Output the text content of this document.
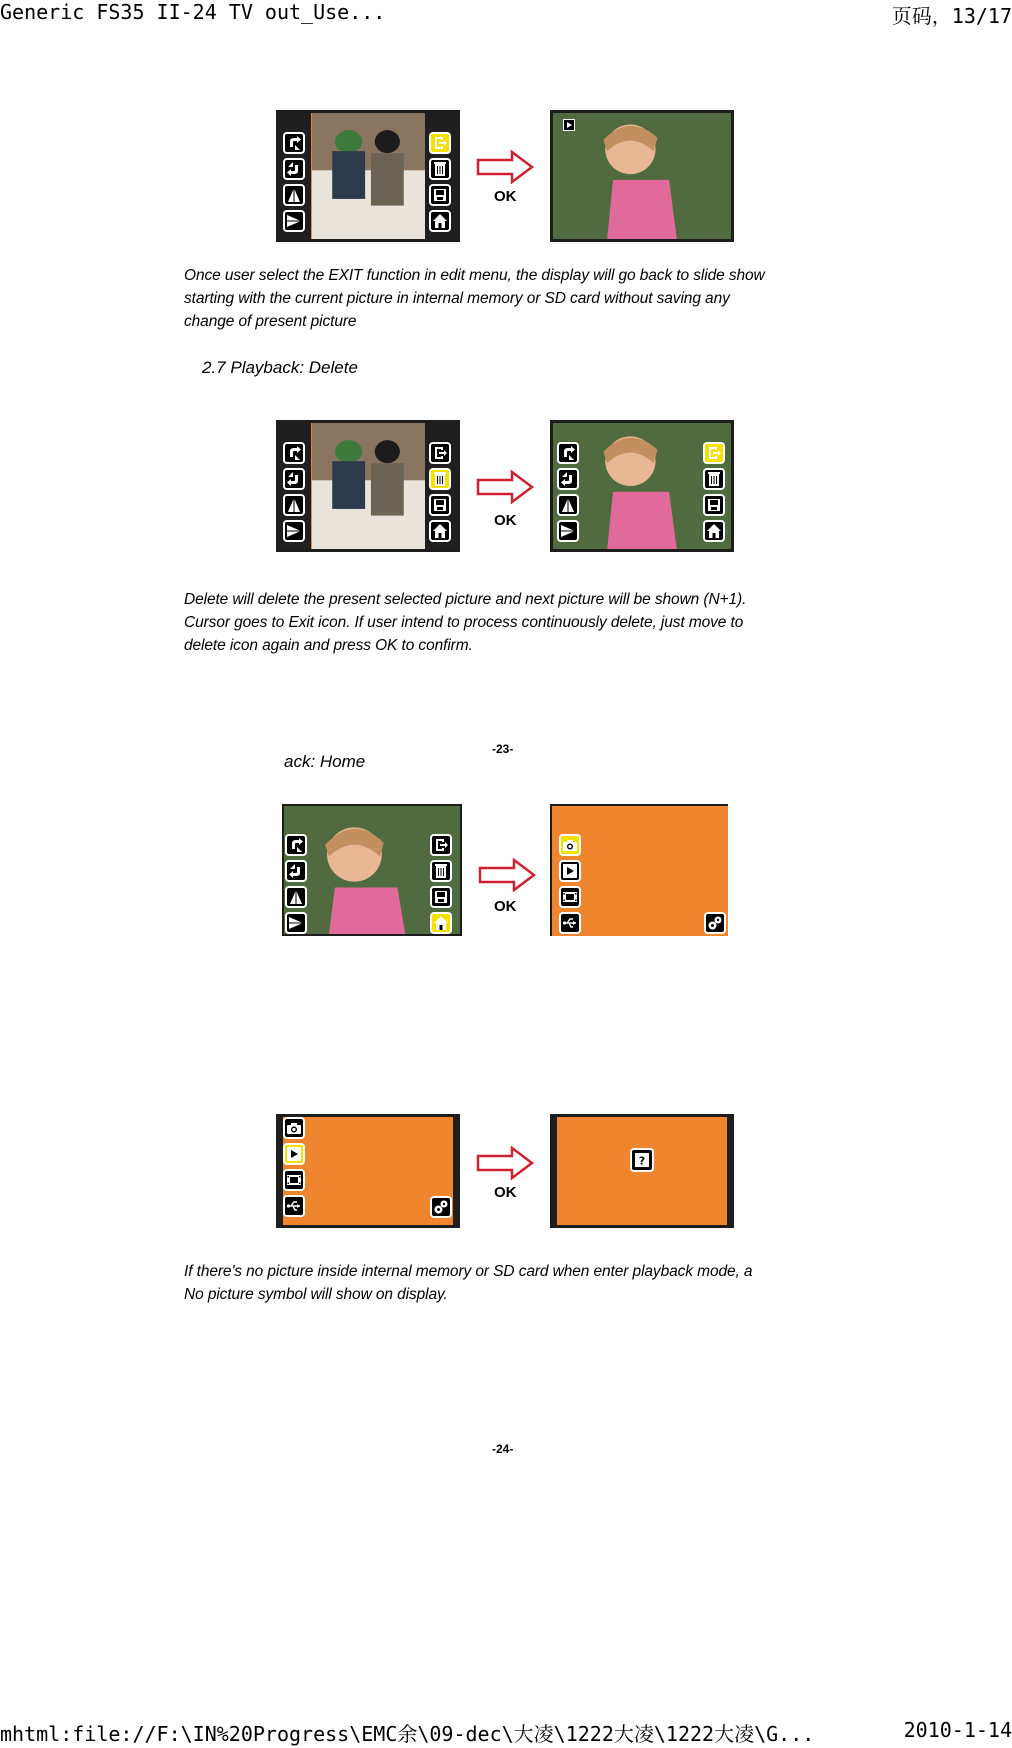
Generic FS35 II-24 TV out_Use...	页码，13/17
mhtml:file://F:\IN%20Progress\EMC余\09-dec\大凌\1222大凌\1222大凌\G...	2010-1-14
OK
Once user select the EXIT function in edit menu, the display will go back to slide show
starting with the current picture in internal memory or SD card without saving any
change of present picture
2.7 Playback: Delete
OK
Delete will delete the present selected picture and next picture will be shown (N+1).
Cursor goes to Exit icon. If user intend to process continuously delete, just move to
delete icon again and press OK to confirm.
-23-
ack: Home
OK
OK
If there's no picture inside internal memory or SD card when enter playback mode, a
No picture symbol will show on display.
-24-
?
